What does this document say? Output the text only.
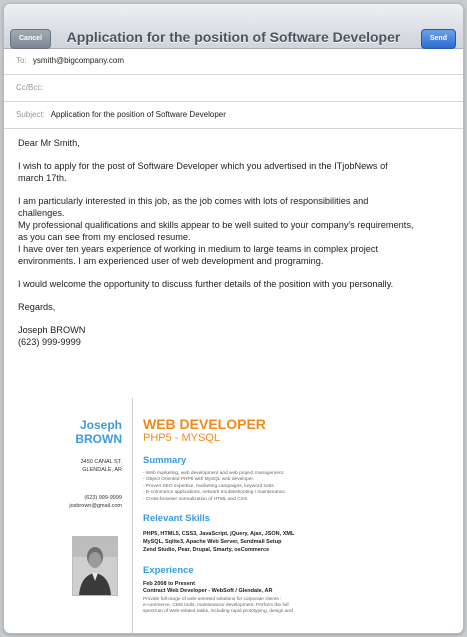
Cancel	Application for the position of Software Developer	Send
To: ysmith@bigcompany.com
Cc/Bcc:
Subject: Application for the position of Software Developer

Dear Mr Smith,

I wish to apply for the post of Software Developer which you advertised in the ITjobNews of
march 17th.

I am particularly interested in this job, as the job comes with lots of responsibilities and
challenges.
My professional qualifications and skills appear to be well suited to your company's requirements,
as you can see from my enclosed resume.
I have over ten years experience of working in medium to large teams in complex project
environments. I am experienced user of web development and programing.

I would welcome the opportunity to discuss further details of the position with you personally.

Regards,

Joseph BROWN
(623) 999-9999

Joseph
BROWN
3450 CANAL ST.
GLENDALE, AR
(623) 999-9999
josbrown@gmail.com
WEB DEVELOPER
PHP5 - MYSQL
Summary
- Web marketing, web development and web project management.
- Object Oriented PHP5 with MySQL web developer.
- Proven SEO expertise, marketing campaigns, keyword tools.
- E-commerce applications, network troubleshooting / maintenance.
- Cross-browser normalization of HTML and CSS.
Relevant Skills
PHP5, HTML5, CSS3, JavaScript, jQuery, Ajax, JSON, XML
MySQL, Sqlite3, Apache Web Server, Sendmail Setup
Zend Studio, Pear, Drupal, Smarty, osCommerce
Experience
Feb 2008 to Present
Contract Web Developer - WebSoft / Glendale, AR
Provide full-range of web-oriented solutions for corporate clients :
e-commerce, CMS tools, maintenance development. Perform the full
spectrum of Web-related tasks, including rapid prototyping, design and
